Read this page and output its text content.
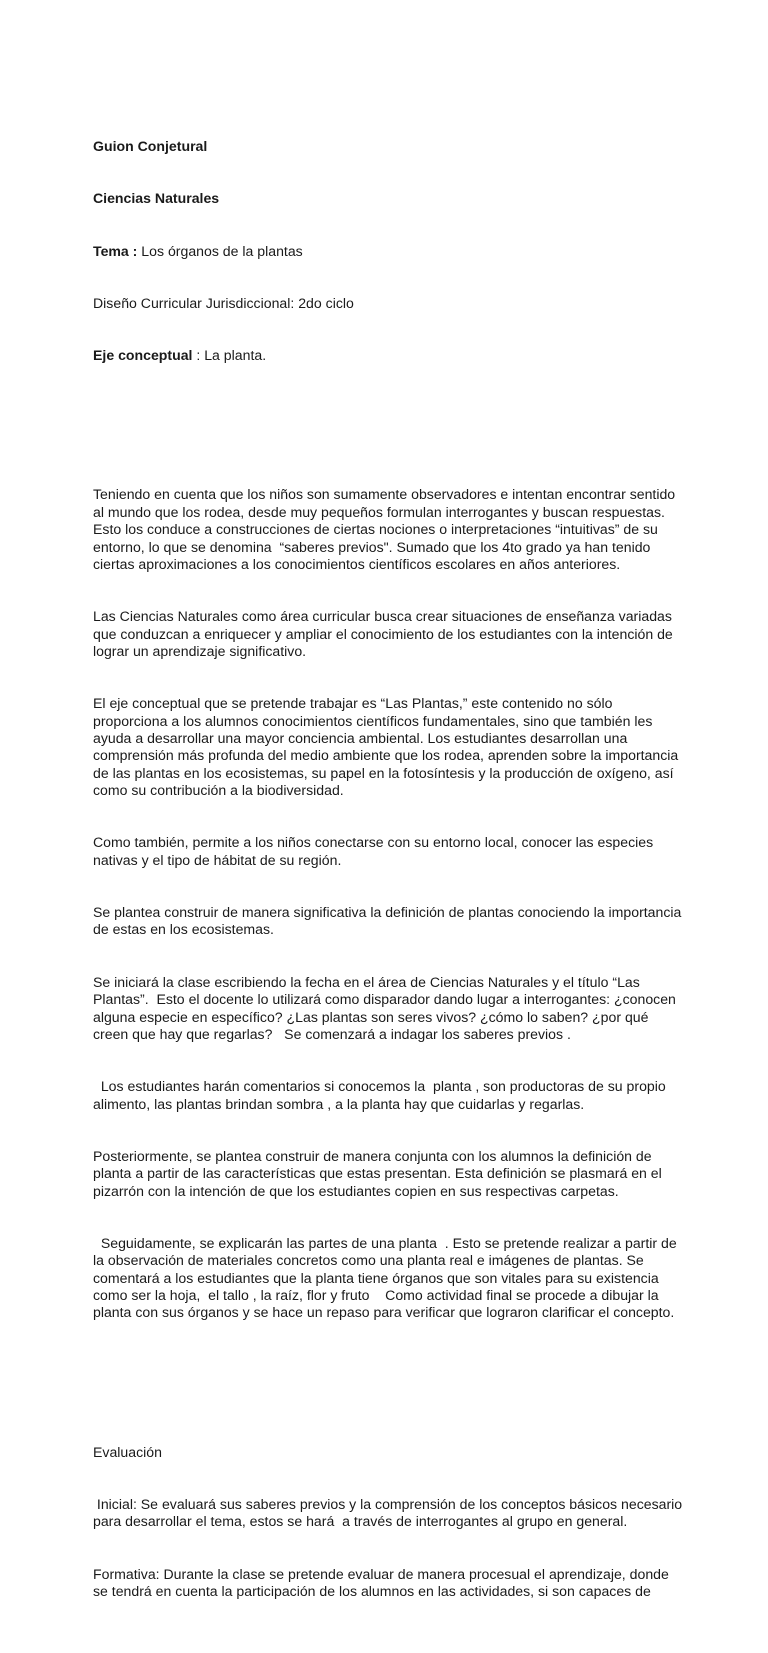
Guion Conjetural

Ciencias Naturales

Tema : Los órganos de la plantas

Diseño Curricular Jurisdiccional: 2do ciclo

Eje conceptual : La planta.

Teniendo en cuenta que los niños son sumamente observadores e intentan encontrar sentido al mundo que los rodea, desde muy pequeños formulan interrogantes y buscan respuestas. Esto los conduce a construcciones de ciertas nociones o interpretaciones “intuitivas” de su entorno, lo que se denomina  “saberes previos". Sumado que los 4to grado ya han tenido ciertas aproximaciones a los conocimientos científicos escolares en años anteriores.

Las Ciencias Naturales como área curricular busca crear situaciones de enseñanza variadas que conduzcan a enriquecer y ampliar el conocimiento de los estudiantes con la intención de lograr un aprendizaje significativo.

El eje conceptual que se pretende trabajar es “Las Plantas,” este contenido no sólo proporciona a los alumnos conocimientos científicos fundamentales, sino que también les ayuda a desarrollar una mayor conciencia ambiental. Los estudiantes desarrollan una comprensión más profunda del medio ambiente que los rodea, aprenden sobre la importancia de las plantas en los ecosistemas, su papel en la fotosíntesis y la producción de oxígeno, así como su contribución a la biodiversidad.

Como también, permite a los niños conectarse con su entorno local, conocer las especies nativas y el tipo de hábitat de su región.

Se plantea construir de manera significativa la definición de plantas conociendo la importancia de estas en los ecosistemas.

Se iniciará la clase escribiendo la fecha en el área de Ciencias Naturales y el título “Las Plantas”.  Esto el docente lo utilizará como disparador dando lugar a interrogantes: ¿conocen alguna especie en específico? ¿Las plantas son seres vivos? ¿cómo lo saben? ¿por qué creen que hay que regarlas?   Se comenzará a indagar los saberes previos .

Los estudiantes harán comentarios si conocemos la  planta , son productoras de su propio alimento, las plantas brindan sombra , a la planta hay que cuidarlas y regarlas.

Posteriormente, se plantea construir de manera conjunta con los alumnos la definición de planta a partir de las características que estas presentan. Esta definición se plasmará en el pizarrón con la intención de que los estudiantes copien en sus respectivas carpetas.

Seguidamente, se explicarán las partes de una planta  . Esto se pretende realizar a partir de la observación de materiales concretos como una planta real e imágenes de plantas. Se comentará a los estudiantes que la planta tiene órganos que son vitales para su existencia como ser la hoja,  el tallo , la raíz, flor y fruto    Como actividad final se procede a dibujar la planta con sus órganos y se hace un repaso para verificar que lograron clarificar el concepto.

Evaluación

Inicial: Se evaluará sus saberes previos y la comprensión de los conceptos básicos necesario para desarrollar el tema, estos se hará  a través de interrogantes al grupo en general.

Formativa: Durante la clase se pretende evaluar de manera procesual el aprendizaje, donde se tendrá en cuenta la participación de los alumnos en las actividades, si son capaces de
